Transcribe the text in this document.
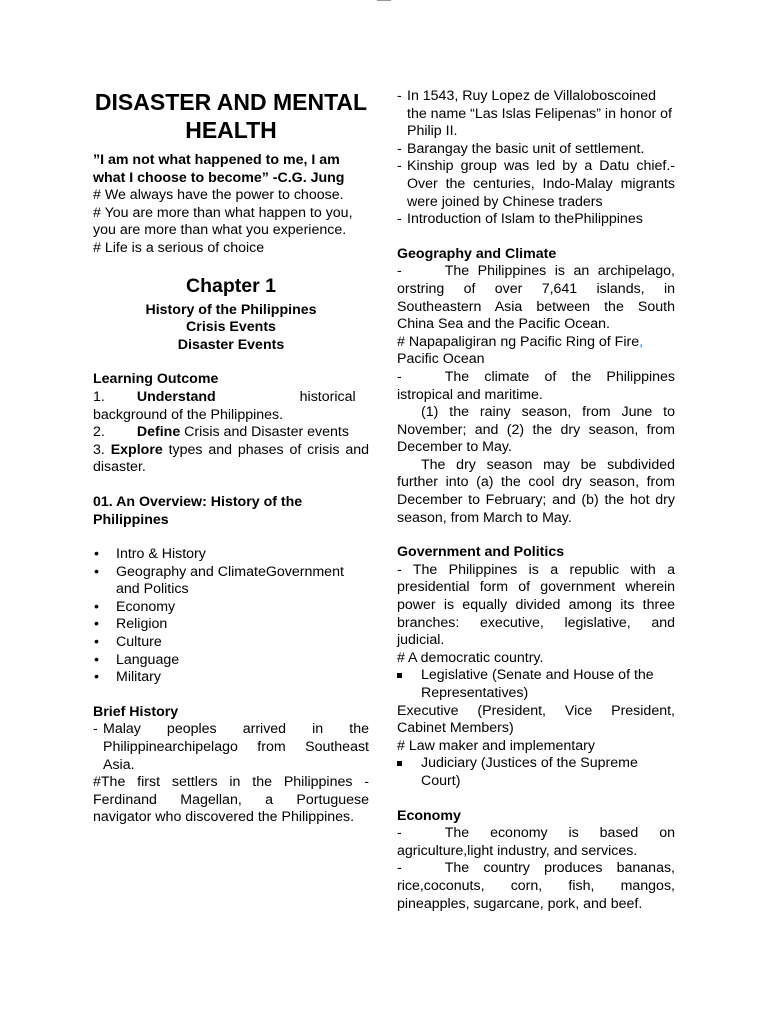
DISASTER AND MENTAL HEALTH

”I am not what happened to me, I am what I choose to become” -C.G. Jung

# We always have the power to choose.

# You are more than what happen to you, you are more than what you experience.

# Life is a serious of choice

Chapter 1

History of the Philippines

Crisis Events

Disaster Events

Learning Outcome

1. Understand	historical background of the Philippines.

2. Define Crisis and Disaster events

3. Explore types and phases of crisis and disaster.

01. An Overview: History of the Philippines

• Intro & History
• Geography and ClimateGovernment and Politics
• Economy
• Religion
• Culture
• Language
• Military

Brief History

- Malay peoples arrived in the Philippinearchipelago from Southeast Asia.

#The first settlers in the Philippines - Ferdinand Magellan, a Portuguese navigator who discovered the Philippines.

- In 1543, Ruy Lopez de Villaloboscoined the name “Las Islas Felipenas” in honor of Philip II.

- Barangay the basic unit of settlement.

- Kinship group was led by a Datu chief.- Over the centuries, Indo-Malay migrants were joined by Chinese traders

- Introduction of Islam to thePhilippines

Geography and Climate

-	The Philippines is an archipelago, orstring of over 7,641 islands, in Southeastern Asia between the South China Sea and the Pacific Ocean.

# Napapaligiran ng Pacific Ring of Fire,
Pacific Ocean

-	The climate of the Philippines istropical and maritime.

(1) the rainy season, from June to November; and (2) the dry season, from December to May.

The dry season may be subdivided further into (a) the cool dry season, from December to February; and (b) the hot dry season, from March to May.

Government and Politics

- The Philippines is a republic with a presidential form of government wherein power is equally divided among its three branches: executive, legislative, and judicial.

# A democratic country.

Legislative (Senate and House of the Representatives)

Executive (President, Vice President, Cabinet Members)

# Law maker and implementary

Judiciary (Justices of the Supreme Court)

Economy

-	The economy is based on agriculture,light industry, and services.

-	The country produces bananas, rice,coconuts, corn, fish, mangos, pineapples, sugarcane, pork, and beef.
